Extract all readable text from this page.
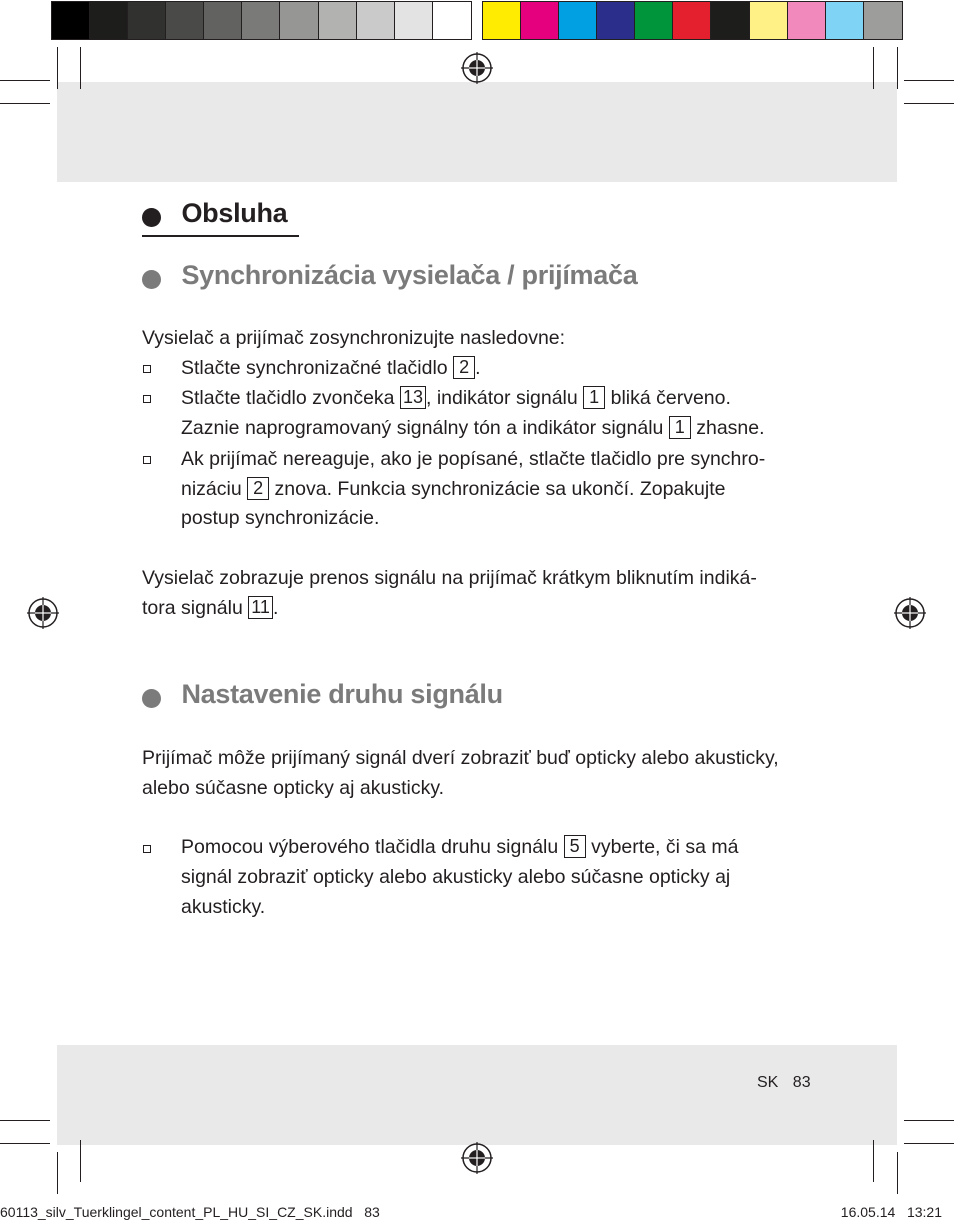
Obsluha
Synchronizácia vysielača / prijímača
Vysielač a prijímač zosynchronizujte nasledovne:
Stlačte synchronizačné tlačidlo 2 .
Stlačte tlačidlo zvončeka 13 , indikátor signálu 1 bliká červeno.
Zaznie naprogramovaný signálny tón a indikátor signálu 1 zhasne.
Ak prijímač nereaguje, ako je popísané, stlačte tlačidlo pre synchro-
nizáciu 2 znova. Funkcia synchronizácie sa ukončí. Zopakujte
postup synchronizácie.
Vysielač zobrazuje prenos signálu na prijímač krátkym bliknutím indiká-
tora signálu 11 .
Nastavenie druhu signálu
Prijímač môže prijímaný signál dverí zobraziť buď opticky alebo akusticky,
alebo súčasne opticky aj akusticky.
Pomocou výberového tlačidla druhu signálu 5 vyberte, či sa má
signál zobraziť opticky alebo akusticky alebo súčasne opticky aj
akusticky.
SK 83
60113_silv_Tuerklingel_content_PL_HU_SI_CZ_SK.indd   83	16.05.14   13:21
